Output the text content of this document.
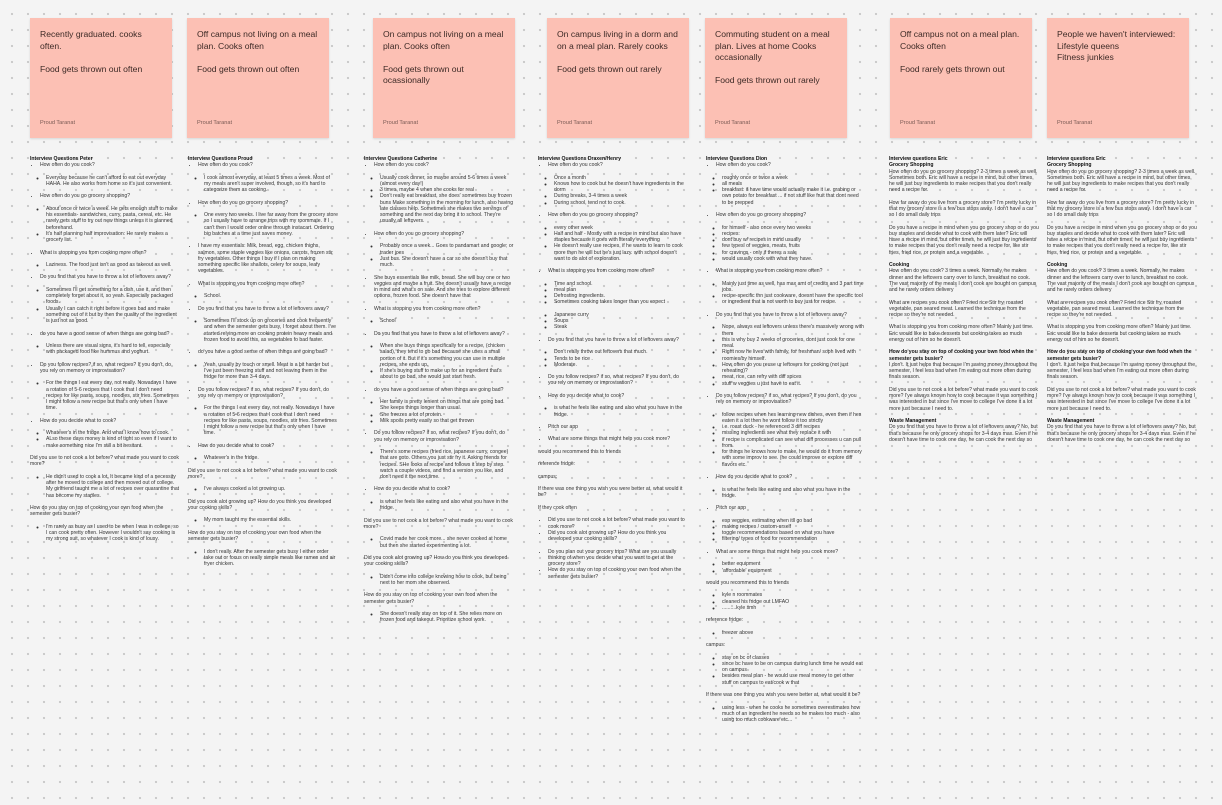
Recently graduated. cooks often.

Food gets thrown out often
Proud Taranat
Off campus not living on a meal plan. Cooks often

Food gets thrown out often
Proud Taranat
On campus not living on a meal plan. Cooks often

Food gets thrown out ocassionally
Proud Taranat
On campus living in a dorm and on a meal plan. Rarely cooks

Food gets thrown out rarely
Proud Taranat
Commuting student on a meal plan. Lives at home Cooks occasionally

Food gets thrown out rarely
Proud Taranat
Off campus not on a meal plan. Cooks often

Food rarely gets thrown out
Proud Taranat
People we haven't interviewed:
Lifestyle queens
Fitness junkies
Proud Taranat
Interview Questions Peter
• How often do you cook?
◦ Everyday because he can't afford to eat out everyday HAHA. He also works from home so it's just convenient.
• How often do you go grocery shopping?
◦ About once or twice a week. He gets enough stuff to make his essentials- sandwiches, curry, pasta, cereal, etc. He rarely gets stuff to try out new things unless it is planned beforehand.
◦ It's half planning half improvisation: He rarely makes a grocery list.
• What is stopping you from cooking more often?
◦ Laziness. The food just isn't as good as takeout as well.
• Do you find that you have to throw a lot of leftovers away?
◦ Sometimes I'll get something for a dish, use it, and then completely forget about it, so yeah. Especially packaged foods.
◦ Usually I can catch it right before it goes bad and make something out of it but by then the quality of the ingredient is just not as good.
• do you have a good sense of when things are going bad?
◦ Unless there are visual signs, it's hard to tell, especially with packaged food like hummus and yoghurt.
• Do you follow recipes? if so, what recipes? If you don't, do you rely on memory or improvisation?
◦ For the things I eat every day, not really. Nowadays I have a rotation of 5-6 recipes that I cook that I don't need recipes for like pasta, soups, noodles, stir fries. Sometimes I might follow a new recipe but that's only when I have time.
• How do you decide what to cook?
◦ Whatever's in the fridge. And what I know how to cook.
◦ ALso these days money is kind of tight so even if I want to make something nice I'm still a bit hesitant.

Did you use to not cook a lot before? what made you want to cook more?

◦ He didn't used to cook a lot. It became kind of a necessity after he moved to college and then moved out of college. My girlfriend taught me a lot of recipes over quarantine that has become my staples.

How do you stay on top of cooking your own food when the semester gets busier?

◦ I'm rarely as busy as I used to be when I was in college, so I can cook pretty often. However I wouldn't say cooking is my strong suit, so whatever I cook is kind of lousy.
Interview Questions Proud
• How often do you cook?
◦ I cook almost everyday, at least 5 times a week. Most of my meals aren't super involved, though, so it's hard to categorize them as cooking.
• How often do you go grocery shopping?
◦ One every two weeks. I live far away from the grocery store so I usually have to arrange trips with my roommate. If I can't then I would order online through instacart. Ordering big batches at a time just saves money.
• I have my essentials: Milk, bread, egg, chicken thighs, salmon, some staple veggies like onions, carrots, frozen stir fry vegetables. Other things I buy if I plan on making something specific like shallots, celery for soups, leafy vegetables.
• What is stopping you from cooking more often?
◦ School.
• Do you find that you have to throw a lot of leftovers away?
◦ Sometimes I'll stock up on groceries and cook frequently and when the semester gets busy, I forget about them. I've started relying more on cooking protein heavy meals and frozen food to avoid this, as vegetables fo bad faster.
• do you have a good sense of when things are going bad?
◦ Yeah, usually by touch or smell. Meat is a bit harder but I've just been freezing stuff and not leaving them in the fridge for more than 3-4 days.
• Do you follow recipes? if so, what recipes? If you don't, do you rely on memory or improvisation?
◦ For the things I eat every day, not really. Nowadays I have a rotation of 5-6 recipes that I cook that I don't need recipes for like pasta, soups, noodles, stir fries. Sometimes I might follow a new recipe but that's only when I have time.
• How do you decide what to cook?
◦ Whatever's in the fridge.

Did you use to not cook a lot before? what made you want to cook more?

◦ I've always cooked a lot growing up.

Did you cook alot growing up? How do you think you developed your cooking skills?

◦ My mom taught my the essential skills.

How do you stay on top of cooking your own food when the semester gets busier?

◦ I don't really. After the semester gets busy I either order take out or focus on really simple meals like ramen and air fryer chicken.
Interview Questions Catherine
• How often do you cook?
◦ Usually cook dinner, so maybe around 5-6 times a week (almost every day!)
◦ 3 times, maybe 4 when she cooks for real
◦ Don't really eat breakfast, she does' sometimes buy frozen buns Make something in the morning for lunch, also having late classes help. Sometimes she makes two servings of something and the next day bring it to school. They're usually all leftovers.
• How often do you go grocery shopping?
◦ Probably once a week... Goes to pandamart and google; or trader joes
◦ Just bus. She doesn't have a car so she doesn't buy that much.
• She buys essentials like milk, bread. She will buy one or two veggies and maybe a fruit. She doesn't usually have a recipe in mind and what's on sale. And she tries to explore different options, frozen food. She doesn't have that
• What is stopping you from cooking more often?
◦ School
• Do you find that you have to throw a lot of leftovers away?
◦ When she buys things specifically for a recipe, (chicken salad), they tend to go bad because she uses a small portion of it. But if it's something you can use in multiple recipes, she ends up.
◦ If she's buying stuff to make up for an ingredient that's about to go bad, she would just start fresh.
• do you have a good sense of when things are going bad?
◦ Her family is pretty lenient on things that are going bad. She keeps things longer than usual.
◦ She freezes a lot of protein.
◦ Milk spoils pretty easily so that get thrown
• Do you follow recipes? if so, what recipes? If you don't, do you rely on memory or improvisation?
◦ There's some recipes (fried rice, japanese curry, congee) that are goto. Others,you just stir fry it. Asking friends for recipes. SHe looks at recipe and follows it step by step. watch a couple videos, and find a version you like, and don't need it the next time.
• How do you decide what to cook?
◦ is what he feels like eating and also what you have in the fridge.

Did you use to not cook a lot before? what made you want to cook more?

◦ Covid made her cook more... she never cooked at home but then she started experimenting a lot.

Did you cook alot growing up? How do you think you developed your cooking skills?

◦ Didn't come into college knowing how to cook, but being next to her mom she observed.

How do you stay on top of cooking your own food when the semester gets busier?

◦ She doesn't really stay on top of it. She relies more on frozen food and takeout. Prioritize school work.
Interview Questions Draxen/Henry
• How often do you cook?
◦ Once a month
◦ Knows how to cook but he doesn't have ingredients in the dorm
◦ During breaks, 3-4 times a week
◦ During school, tend not to cook.
• How often do you go grocery shopping?
◦ every other week
◦ Half and half - Mostly with a recipe in mind but also have staples because it goes with literally everything
◦ He doesn't really use recipes, if he wants to learn to cook more then he will but he's just lazy. with school doesn't want to do alot of exploration.
• What is stopping you from cooking more often?
◦ Time and school.
◦ meal plan
◦ Defrosting ingredients.
◦ Sometimes cooking takes longer than you expect
◦ Japanese curry
◦ Soups
◦ Steak
• Do you find that you have to throw a lot of leftovers away?
◦ Don't really throw out leftovers that much.
◦ Tends to be rice .
◦ Moderate.
• Do you follow recipes? if so, what recipes? If you don't, do you rely on memory or improvisation?
• How do you decide what to cook?
◦ is what he feels like eating and also what you have in the fridge.
• Pitch our app
• What are some things that might help you cook more?

would you recommend this to friends

reference fridge:

campus:

If there was one thing you wish you were better at, what would it be?

If they cook often

• Did you use to not cook a lot before? what made you want to cook more?
• Did you cook alot growing up? How do you think you developed your cooking skills?
• Do you plan out your grocery trips? What are you usually thinking of when you decide what you want to get at the grocery store?
• How do you stay on top of cooking your own food when the semester gets busier?
Interview Questions Dion
• How often do you cook?
◦ roughly once or twice a week
◦ all meals
◦ breakfast: if have time would actually make it i.e. grabing or own potato for breakfast ... if not stuff like fruit that dont need to be prepped
• How often do you go grocery shopping?
◦ for himself - also once every two weeks
◦ recipes:
◦ dont buy w/ recipes in mind usually
◦ few typesl of veggies, meats, fruits
◦ for cravings - only if theres a sale
◦ would usually cook with what they have.
• What is stopping you from cooking more often?
◦ Mainly just time as well, has max amt of credits and 3 part time jobs.
◦ recipe-specific thn just cookware, doesnt have the specific tool or ingredient that is not worth to buy just for recipe.
• Do you find that you have to throw a lot of leftovers away?
◦ Nope, always eat leftovers unless there's massively wrong with them
◦ this is why buy 2 weeks of groceries, dont just cook for one meal.
◦ Right now he lives with family, for freshman/ soph lived with roomies/by himself.
◦ How often do you reuse ur leftovers for cooking (not just reheating)?
◦ meat, rice, can refry with diff spices
◦ stuff w veggies u just have to eat it.
• Do you follow recipes? if so, what recipes? If you don't, do you rely on memory or improvisation?
◦ follow recipes when hes learning new dishes, even then if hes eaten it a lot then he wont follow it too strictly
◦ i.e. roast duck - he referenced 3 diff recipes
◦ missing ingredients see what they replace it with
◦ if recipe is complicated can see what diff processes u can pull from.
◦ for things he knows how to make, he would do it from memory with some improv to see. (he could improve or explore diff flavors etc.
• How do you decide what to cook?
◦ is what he feels like eating and also what you have in the fridge.
• Pitch our app
◦ esp veggies, estimating when itll go bad
◦ making recipes / custom-urself
◦ toggle recommendations based on what you have
◦ filtering/ types of food for recommendation
• What are some things that might help you cook more?
◦ better equipment
◦ 'affordable' equipment

would you recommend this to friends

◦ kyle n roommates
◦ cleaned his fridge out LMFAO
◦ ..........kyle smh

reference fridge:

◦ freezer above

campus:

◦ stay on bc of classes
◦ since bc have to be on campus during lunch time he would eat on campus
◦ besides meal plan - he would use meal money to get other stuff on campus to eat/cook w that

If there was one thing you wish you were better at, what would it be?

◦ using less - when he cooks he sometimes overestimates how much of an ingredient he needs so he makes too much - also using too much cookware etc...
Interview questions Eric
Grocery Shopping

How often do you go grocery shopping? 2-3 times a week as well. Sometimes both. Eric will have a recipe in mind, but other times, he will just buy ingredients to make recipes that you don't really need a recipe for.

How far away do you live from a grocery store? I'm pretty lucky in that my grocery store is a few bus stops away. I don't have a car so I do small daily trips

Do you have a recipe in mind when you go grocery shop or do you buy staples and decide what to cook with them later? Eric will have a recipe in mind, but other times, he will just buy ingredients to make recipes that you don't really need a recipe for, like stir fries, fried rice, or protein and a vegetable.

Cooking

How often do you cook? 3 times a week. Normally, he makes dinner and the leftovers carry over to lunch, breakfast no cook. The vast majority of the meals I don't cook are bought on campus and he rarely orders delivery

What are recipes you cook often? Fried rice Stir fry, roasted vegetable, pan seared meat. Learned the technique from the recipe so they're not needed.

What is stopping you from cooking more often? Mainly just time. Eric would like to bake desserts but cooking takes so much energy out of him so he doesn't.

How do you stay on top of cooking your own food when the semester gets busier?

I don't. It just helps that because I'm saving money throughout the semester, I feel less bad when I'm eating out more often during finals season.

Did you use to not cook a lot before? what made you want to cook more? I've always known how to cook because it was something I was interested in but since I've move to college I've done it a lot more just because I need to.

Waste Management

Do you find that you have to throw a lot of leftovers away? No, but that's because he only grocery shops for 3-4 days max. Even if he doesn't have time to cook one day, he can cook the next day so

Interview questions Eric
Grocery Shopping

How often do you go grocery shopping? 2-3 times a week as well. Sometimes both. Eric will have a recipe in mind, but other times, he will just buy ingredients to make recipes that you don't really need a recipe for.

How far away do you live from a grocery store? I'm pretty lucky in that my grocery store is a few bus stops away. I don't have a car so I do small daily trips

Do you have a recipe in mind when you go grocery shop or do you buy staples and decide what to cook with them later? Eric will have a recipe in mind, but other times, he will just buy ingredients to make recipes that you don't really need a recipe for, like stir fries, fried rice, or protein and a vegetable.

Cooking

How often do you cook? 3 times a week. Normally, he makes dinner and the leftovers carry over to lunch, breakfast no cook. The vast majority of the meals I don't cook are bought on campus and he rarely orders delivery

What are recipes you cook often? Fried rice Stir fry, roasted vegetable, pan seared meat. Learned the technique from the recipe so they're not needed.

What is stopping you from cooking more often? Mainly just time. Eric would like to bake desserts but cooking takes so much energy out of him so he doesn't.

How do you stay on top of cooking your own food when the semester gets busier?

I don't. It just helps that because I'm saving money throughout the semester, I feel less bad when I'm eating out more often during finals season.

Did you use to not cook a lot before? what made you want to cook more? I've always known how to cook because it was something I was interested in but since I've move to college I've done it a lot more just because I need to.

Waste Management

Do you find that you have to throw a lot of leftovers away? No, but that's because he only grocery shops for 3-4 days max. Even if he doesn't have time to cook one day, he can cook the next day so
